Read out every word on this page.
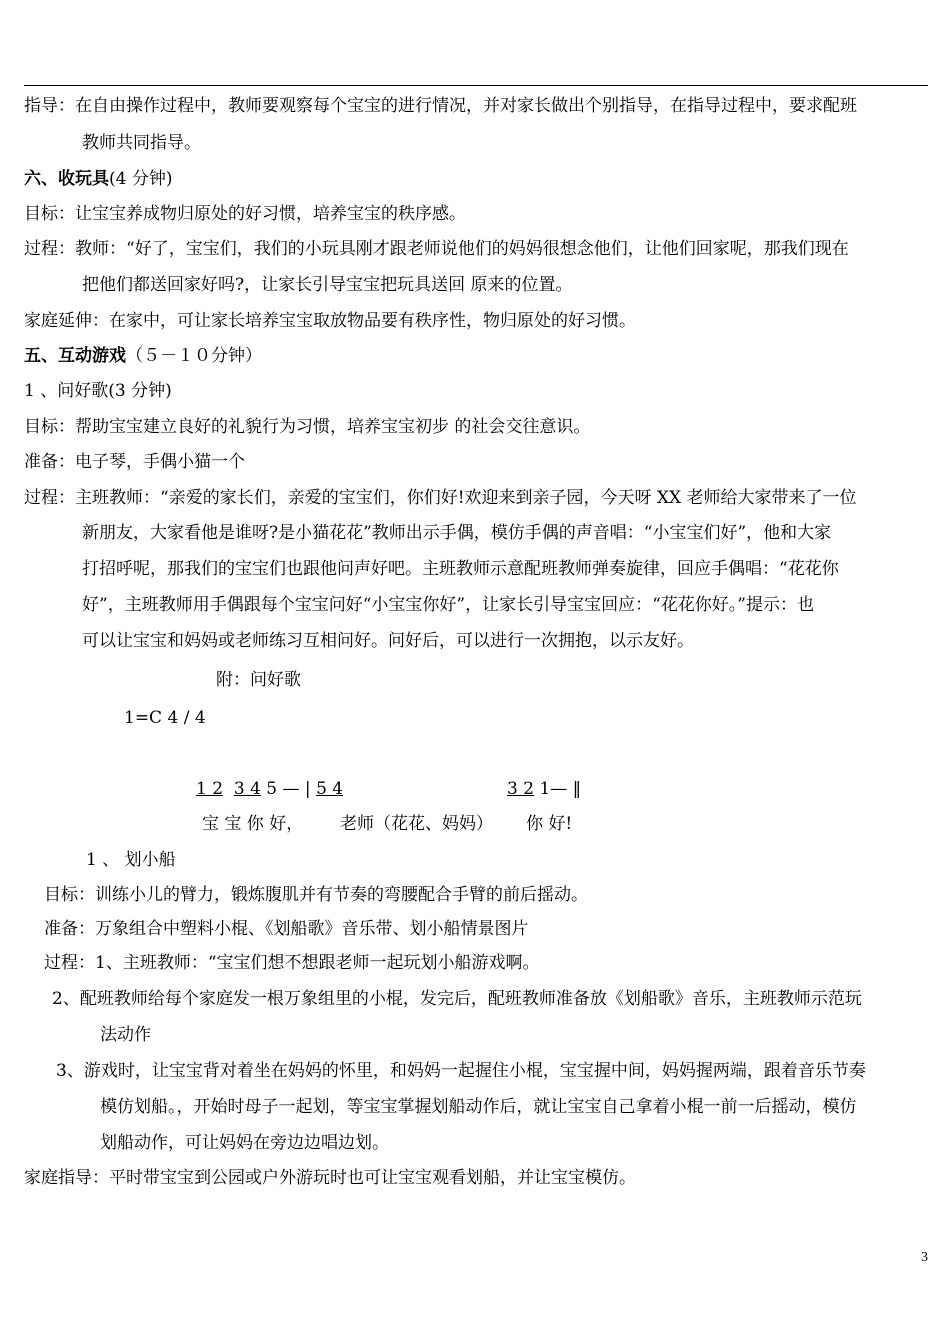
指导：在自由操作过程中，教师要观察每个宝宝的进行情况，并对家长做出个别指导，在指导过程中，要求配班
教师共同指导。
六、收玩具(4 分钟)
目标：让宝宝养成物归原处的好习惯，培养宝宝的秩序感。
过程：教师：“好了，宝宝们，我们的小玩具刚才跟老师说他们的妈妈很想念他们，让他们回家呢，那我们现在
把他们都送回家好吗?，让家长引导宝宝把玩具送回 原来的位置。
家庭延伸：在家中，可让家长培养宝宝取放物品要有秩序性，物归原处的好习惯。
五、互动游戏（５－１０分钟）
1 、问好歌(3 分钟)
目标：帮助宝宝建立良好的礼貌行为习惯，培养宝宝初步 的社会交往意识。
准备：电子琴，手偶小猫一个
过程：主班教师：“亲爱的家长们，亲爱的宝宝们，你们好!欢迎来到亲子园，今天呀 XX 老师给大家带来了一位
新朋友，大家看他是谁呀?是小猫花花”教师出示手偶，模仿手偶的声音唱：“小宝宝们好”，他和大家
打招呼呢，那我们的宝宝们也跟他问声好吧。主班教师示意配班教师弹奏旋律，回应手偶唱：“花花你
好”，主班教师用手偶跟每个宝宝问好“小宝宝你好”，让家长引导宝宝回应：“花花你好。”提示：也
可以让宝宝和妈妈或老师练习互相问好。问好后，可以进行一次拥抱，以示友好。
附：问好歌
1=C 4 / 4
1 2 3 4 5 — | 5 4	3 2 1— ‖
宝 宝 你 好， 老师（花花、妈妈） 你 好!
1 、 划小船
目标：训练小儿的臂力，锻炼腹肌并有节奏的弯腰配合手臂的前后摇动。
准备：万象组合中塑料小棍、《划船歌》音乐带、划小船情景图片
过程：1、主班教师：“宝宝们想不想跟老师一起玩划小船游戏啊。
2、配班教师给每个家庭发一根万象组里的小棍，发完后，配班教师准备放《划船歌》音乐，主班教师示范玩
法动作
3、游戏时，让宝宝背对着坐在妈妈的怀里，和妈妈一起握住小棍，宝宝握中间，妈妈握两端，跟着音乐节奏
模仿划船。，开始时母子一起划，等宝宝掌握划船动作后，就让宝宝自己拿着小棍一前一后摇动，模仿
划船动作，可让妈妈在旁边边唱边划。
家庭指导：平时带宝宝到公园或户外游玩时也可让宝宝观看划船，并让宝宝模仿。
3
